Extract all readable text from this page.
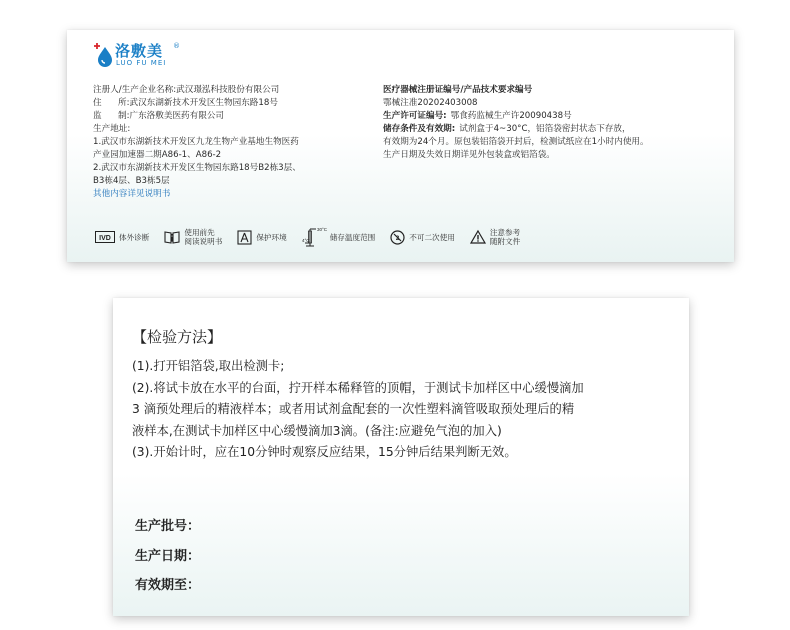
洛敷美 ®
LUO FU MEI
注册人/生产企业名称: 武汉璟泓科技股份有限公司
住      所: 武汉东湖新技术开发区生物园东路18号
监      制: 广东洛敷美医药有限公司
生产地址:
1.武汉市东湖新技术开发区九龙生物产业基地生物医药
产业园加速器二期A86-1、A86-2
2.武汉市东湖新技术开发区生物园东路18号B2栋3层、
B3栋4层、B3栋5层
其他内容详见说明书
医疗器械注册证编号/产品技术要求编号
鄂械注准20202403008
生产许可证编号: 鄂食药监械生产许20090438号
储存条件及有效期: 试剂盒于4~30°C，铝箔袋密封状态下存放，
有效期为24个月。原包装铝箔袋开封后，检测试纸应在1小时内使用。
生产日期及失效日期详见外包装盒或铝箔袋。
IVD 体外诊断	使用前先
阅读说明书	保护环境
30°C
4°C	储存温度范围	2 不可二次使用	注意参考
随附文件
【检验方法】

(1).打开铝箔袋,取出检测卡;

(2).将试卡放在水平的台面，拧开样本稀释管的顶帽，于测试卡加样区中心缓慢滴加

3 滴预处理后的精液样本；或者用试剂盒配套的一次性塑料滴管吸取预处理后的精

液样本,在测试卡加样区中心缓慢滴加3滴。(备注:应避免气泡的加入)

(3).开始计时，应在10分钟时观察反应结果，15分钟后结果判断无效。

生产批号：
生产日期：
有效期至：
